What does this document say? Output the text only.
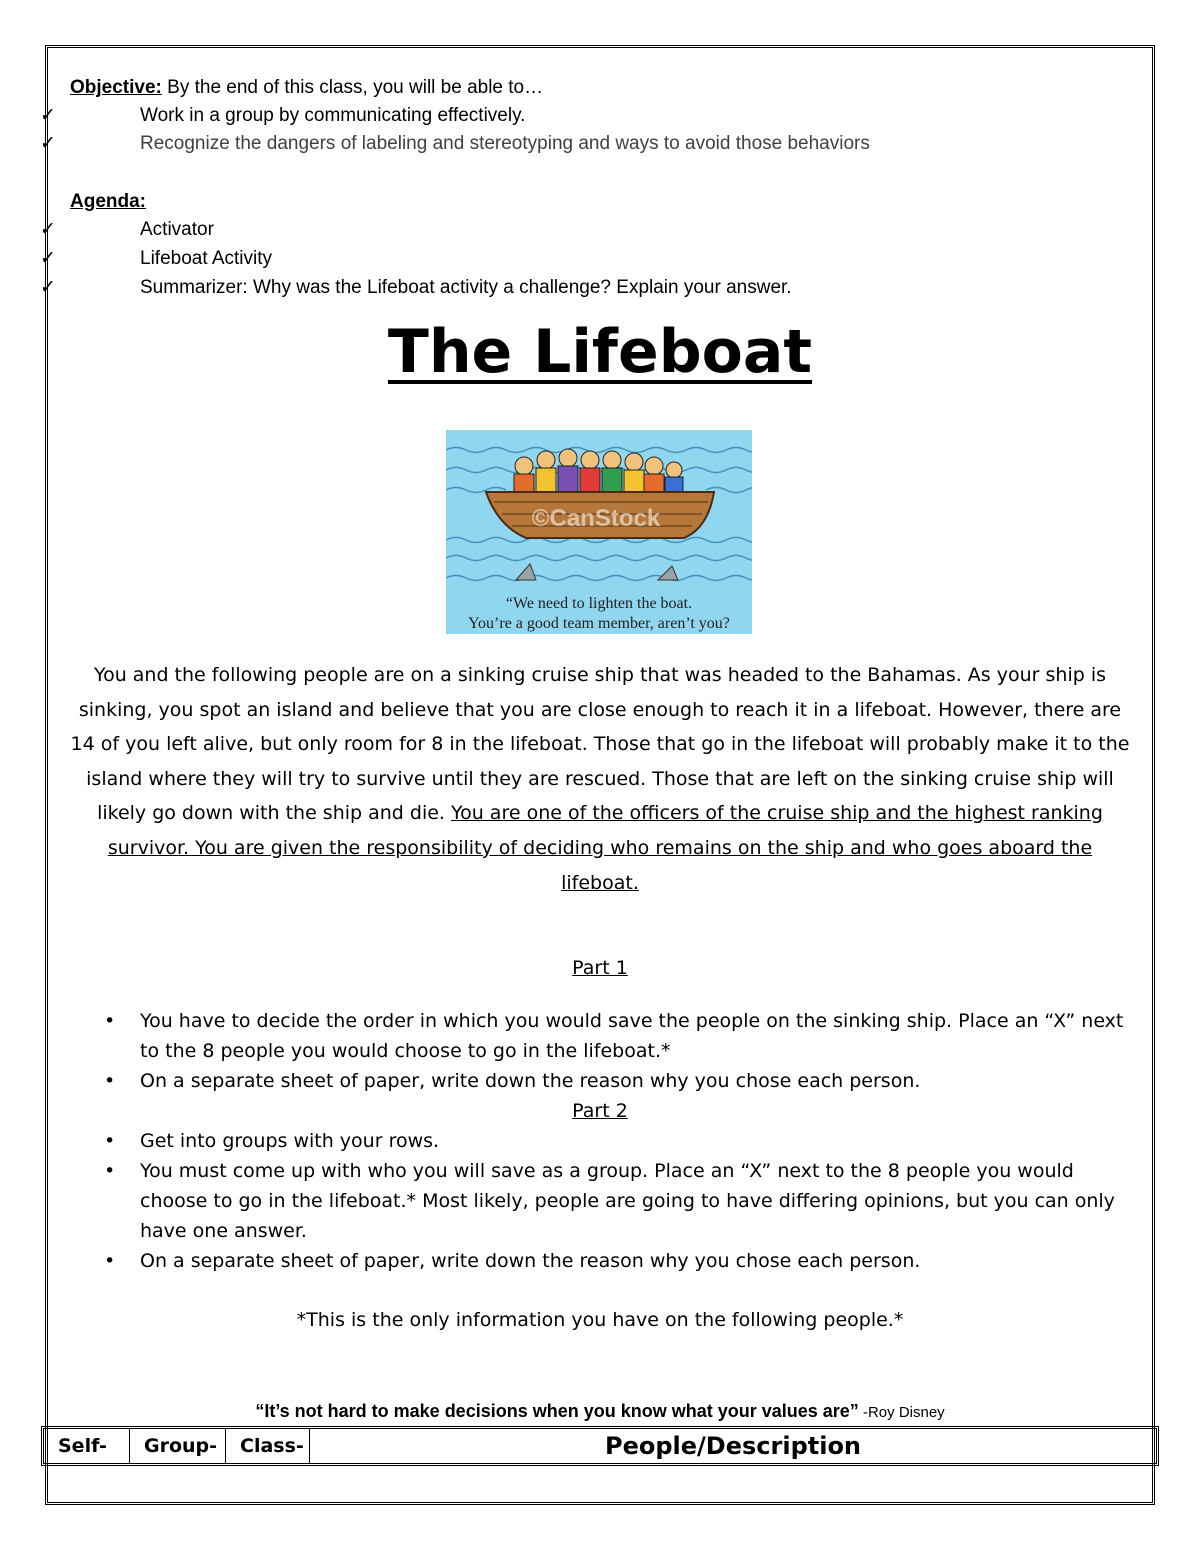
Objective: By the end of this class, you will be able to…
✓	Work in a group by communicating effectively.
✓	Recognize the dangers of labeling and stereotyping and ways to avoid those behaviors
Agenda:
✓	Activator
✓	Lifeboat Activity
✓	Summarizer: Why was the Lifeboat activity a challenge? Explain your answer.
The Lifeboat
©CanStock
“We need to lighten the boat.
You’re a good team member, aren’t you?
You and the following people are on a sinking cruise ship that was headed to the Bahamas. As your ship is sinking, you spot an island and believe that you are close enough to reach it in a lifeboat. However, there are 14 of you left alive, but only room for 8 in the lifeboat. Those that go in the lifeboat will probably make it to the island where they will try to survive until they are rescued. Those that are left on the sinking cruise ship will likely go down with the ship and die. You are one of the officers of the cruise ship and the highest ranking survivor. You are given the responsibility of deciding who remains on the ship and who goes aboard the lifeboat.
Part 1
• You have to decide the order in which you would save the people on the sinking ship. Place an “X” next to the 8 people you would choose to go in the lifeboat.*
• On a separate sheet of paper, write down the reason why you chose each person.
Part 2
• Get into groups with your rows.
• You must come up with who you will save as a group. Place an “X” next to the 8 people you would choose to go in the lifeboat.* Most likely, people are going to have differing opinions, but you can only have one answer.
• On a separate sheet of paper, write down the reason why you chose each person.
*This is the only information you have on the following people.*
“It’s not hard to make decisions when you know what your values are” -Roy Disney
Self-	Group-	Class-	People/Description
